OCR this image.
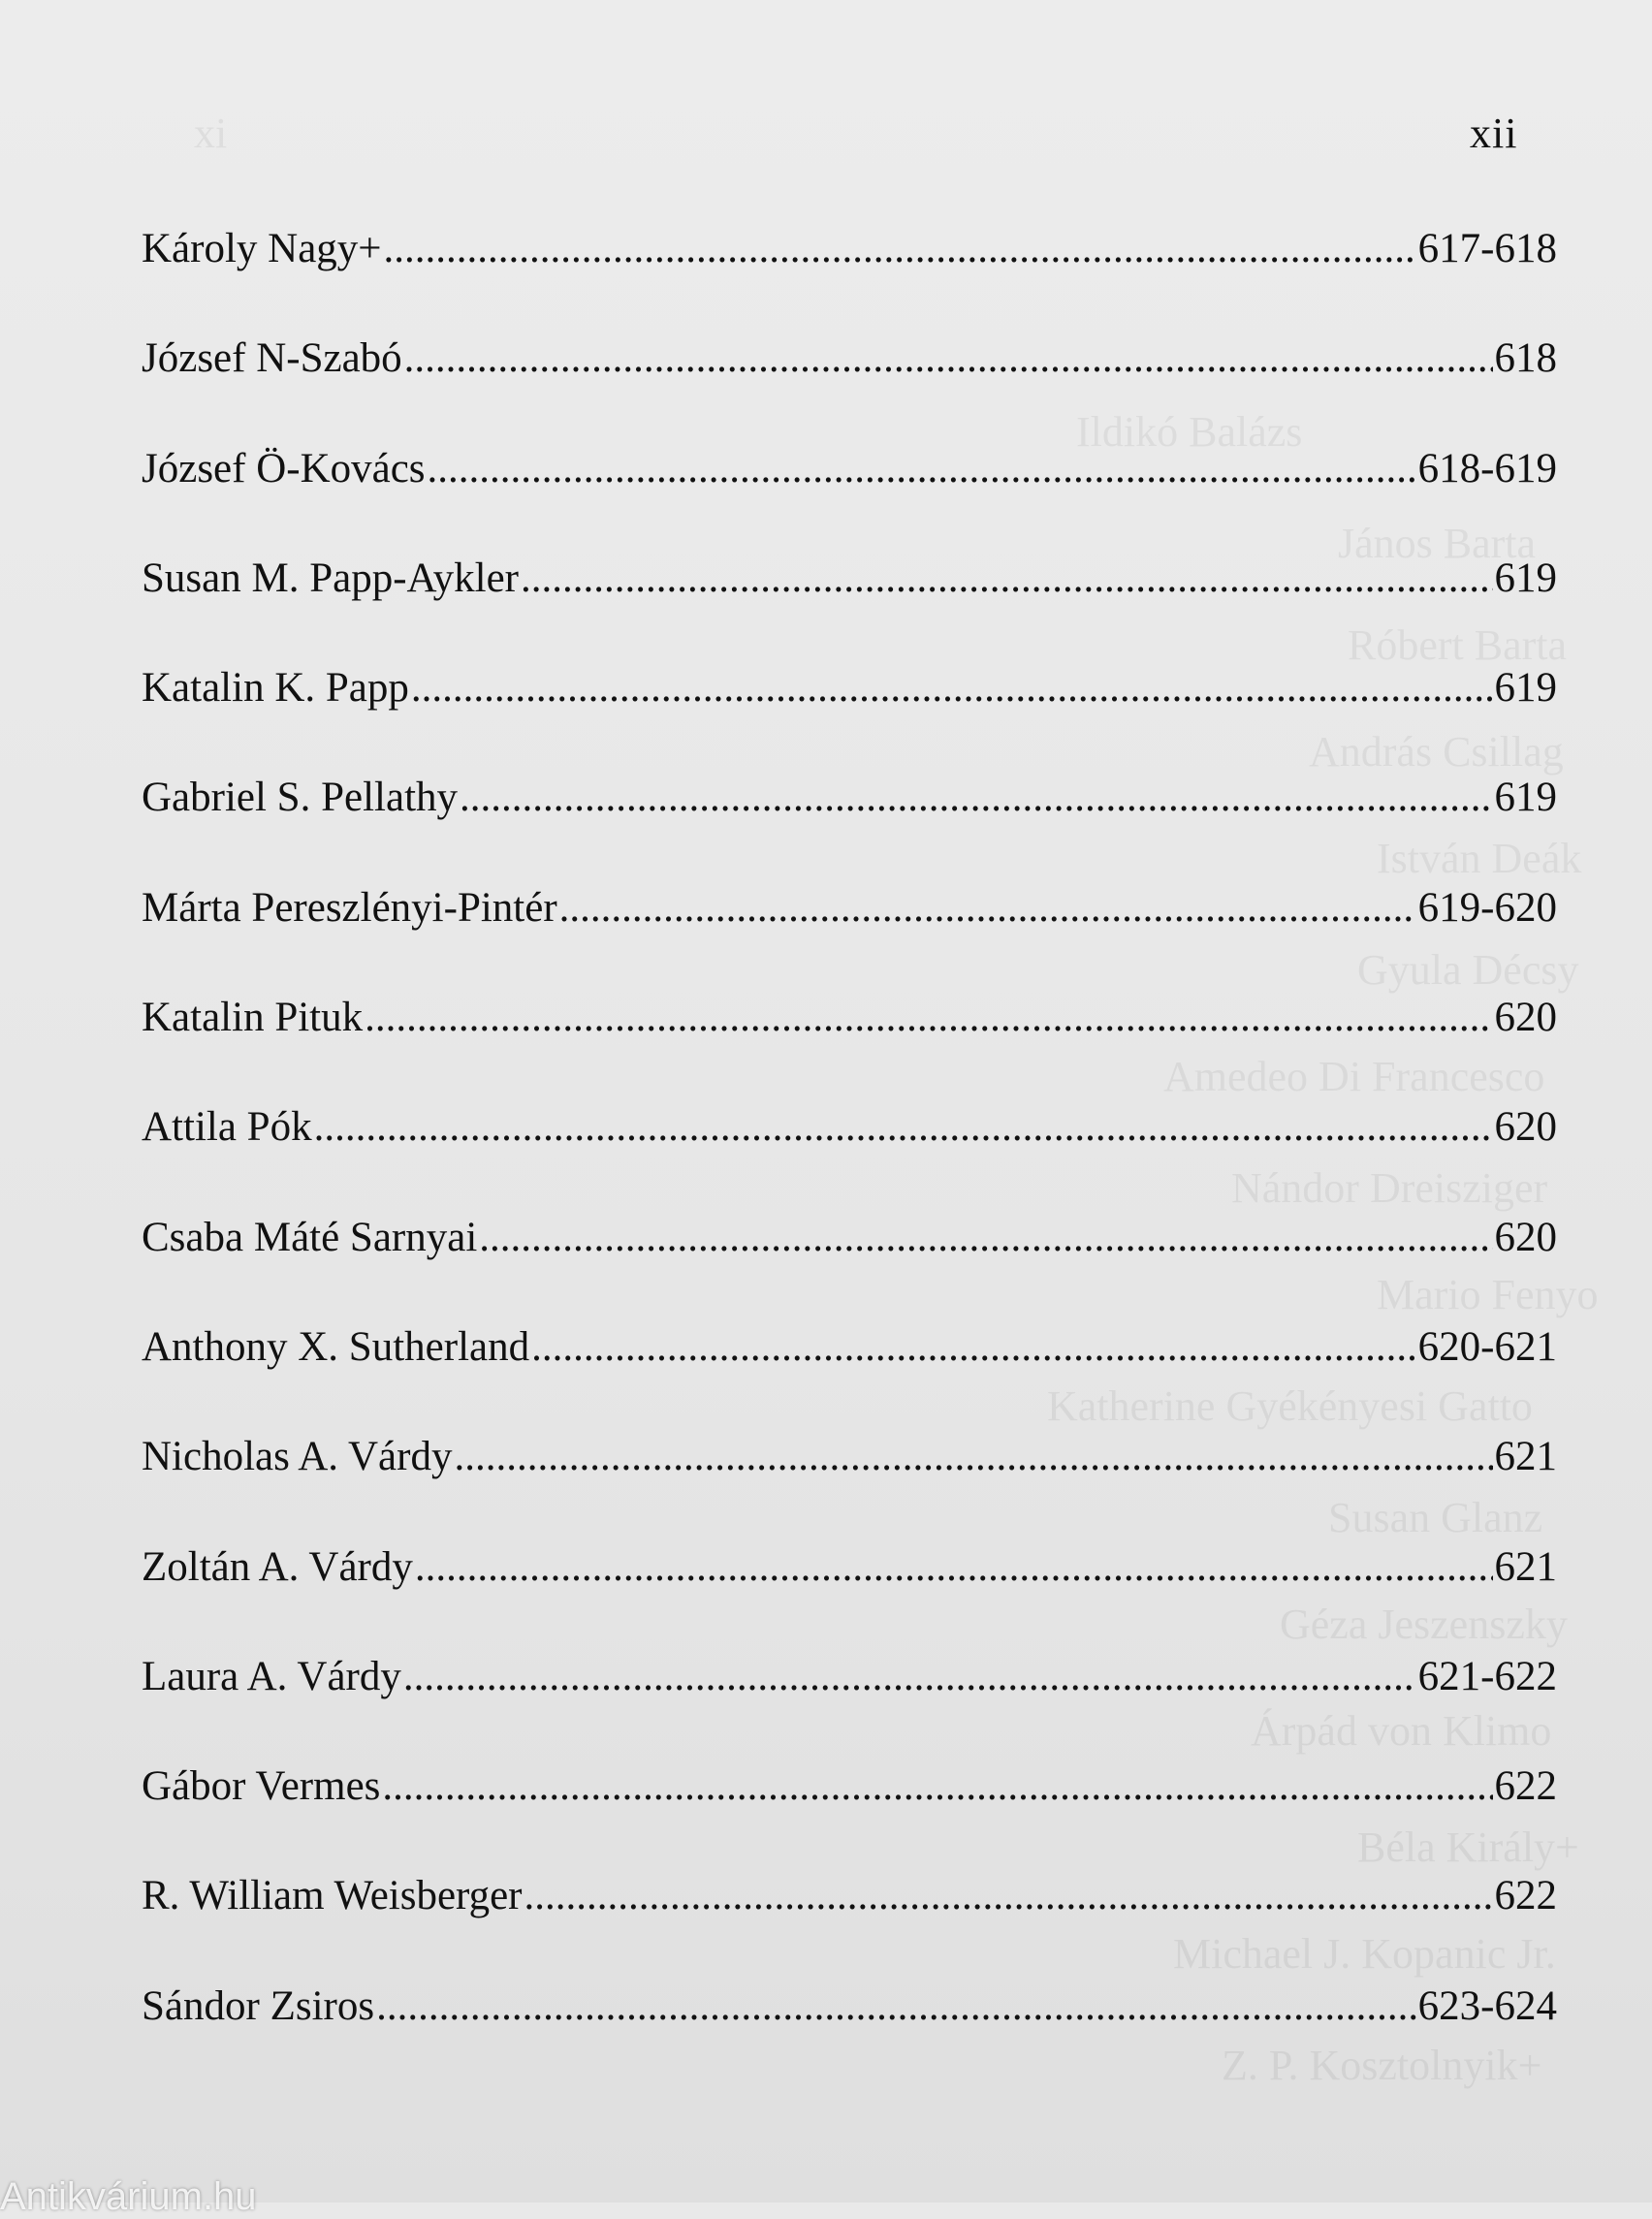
xi
Ildikó Balázs
János Barta
Róbert Barta
András Csillag
István Deák
Gyula Décsy
Amedeo Di Francesco
Nándor Dreisziger
Mario Fenyo
Katherine Gyékényesi Gatto
Susan Glanz
Géza Jeszenszky
Árpád von Klimo
Béla Király+
Michael J. Kopanic Jr.
Z. P. Kosztolnyik+
xii
Károly Nagy+ .....	617-618
József N-Szabó .....	618
József Ö-Kovács .....	618-619
Susan M. Papp-Aykler .....	619
Katalin K. Papp .....	619
Gabriel S. Pellathy .....	619
Márta Pereszlényi-Pintér .....	619-620
Katalin Pituk .....	620
Attila Pók .....	620
Csaba Máté Sarnyai .....	620
Anthony X. Sutherland .....	620-621
Nicholas A. Várdy .....	621
Zoltán A. Várdy .....	621
Laura A. Várdy .....	621-622
Gábor Vermes .....	622
R. William Weisberger .....	622
Sándor Zsiros .....	623-624
Antikvárium.hu
